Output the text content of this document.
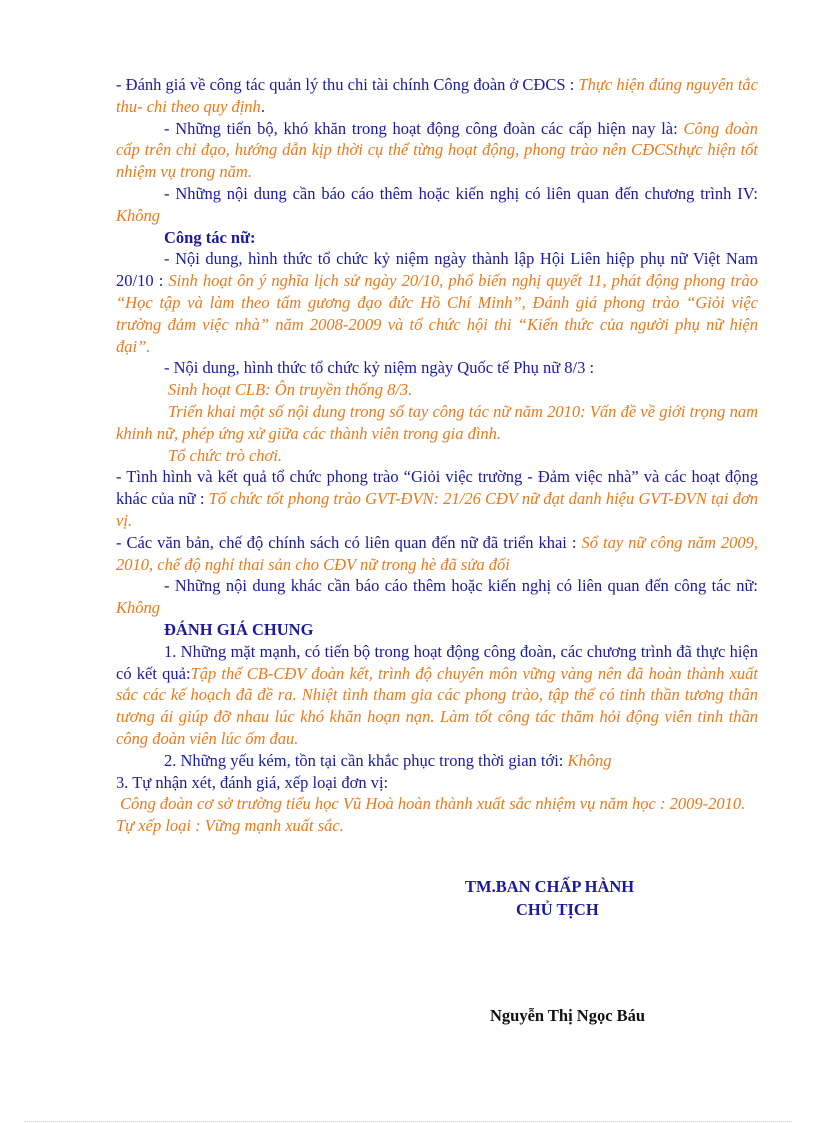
- Đánh giá về công tác quản lý thu chi tài chính Công đoàn ở CĐCS : Thực hiện đúng nguyên tắc thu- chi theo quy định.

- Những tiến bộ, khó khăn trong hoạt động công đoàn các cấp hiện nay là: Công đoàn cấp trên chỉ đạo, hướng dẫn kịp thời cụ thể từng hoạt động, phong trào nên CĐCSthực hiện tốt nhiệm vụ trong năm.

- Những nội dung cần báo cáo thêm hoặc kiến nghị có liên quan đến chương trình IV: Không

Công tác nữ:

- Nội dung, hình thức tổ chức kỷ niệm ngày thành lập Hội Liên hiệp phụ nữ Việt Nam 20/10 : Sinh hoạt ôn ý nghĩa lịch sử ngày 20/10, phổ biến nghị quyết 11, phát động phong trào “Học tập và làm theo tấm gương đạo đức Hồ Chí Minh”, Đánh giá phong trào “Giỏi việc trường đảm việc nhà” năm 2008-2009 và tổ chức hội thi “Kiến thức của người phụ nữ hiện đại”.

- Nội dung, hình thức tổ chức kỷ niệm ngày Quốc tế Phụ nữ 8/3 :

Sinh hoạt CLB: Ôn truyền thống 8/3.

Triển khai một số nội dung trong sổ tay công tác nữ năm 2010: Vấn đề về giới trọng nam khinh nữ, phép ứng xử giữa các thành viên trong gia đình.

Tổ chức trò chơi.

- Tình hình và kết quả tổ chức phong trào “Giỏi việc trường - Đảm việc nhà” và các hoạt động khác của nữ : Tổ chức tốt phong trào GVT-ĐVN: 21/26 CĐV nữ đạt danh hiệu GVT-ĐVN tại đơn vị.

- Các văn bản, chế độ chính sách có liên quan đến nữ đã triển khai : Sổ tay nữ công năm 2009, 2010, chế độ nghỉ thai sản cho CĐV nữ trong hè đã sửa đổi

- Những nội dung khác cần báo cáo thêm hoặc kiến nghị có liên quan đến công tác nữ: Không

ĐÁNH GIÁ CHUNG

1. Những mặt mạnh, có tiến bộ trong hoạt động công đoàn, các chương trình đã thực hiện có kết quả:Tập thể CB-CĐV đoàn kết, trình độ chuyên môn vững vàng nên đã hoàn thành xuất sắc các kế hoạch đã đề ra. Nhiệt tình tham gia các phong trào, tập thể có tinh thần tương thân tương ái giúp đỡ nhau lúc khó khăn hoạn nạn. Làm tốt công tác thăm hỏi động viên tinh thần công đoàn viên lúc ốm đau.

2. Những yếu kém, tồn tại cần khắc phục trong thời gian tới: Không

3. Tự nhận xét, đánh giá, xếp loại đơn vị:

Công đoàn cơ sở trường tiểu học Vũ Hoà hoàn thành xuất sắc nhiệm vụ năm học : 2009-2010.

Tự xếp loại : Vững mạnh xuất sắc.

TM.BAN CHẤP HÀNH
CHỦ TỊCH
Nguyễn Thị Ngọc Báu
